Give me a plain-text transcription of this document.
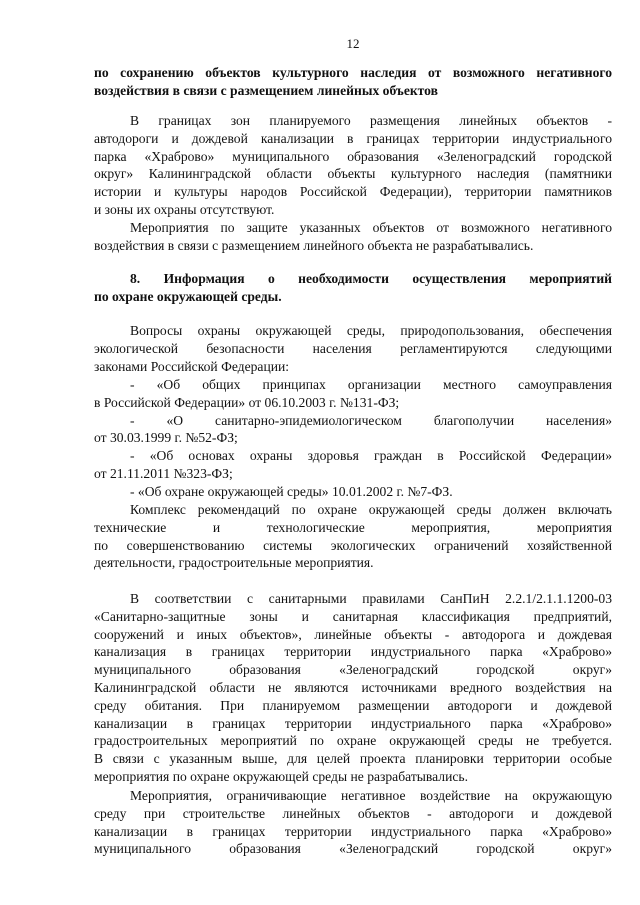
12
по сохранению объектов культурного наследия от возможного негативного
воздействия в связи с размещением линейных объектов
В границах зон планируемого размещения линейных объектов -
автодороги и дождевой канализации в границах территории индустриального
парка «Храброво» муниципального образования «Зеленоградский городской
округ» Калининградской области объекты культурного наследия (памятники
истории и культуры народов Российской Федерации), территории памятников
и зоны их охраны отсутствуют.
Мероприятия по защите указанных объектов от возможного негативного
воздействия в связи с размещением линейного объекта не разрабатывались.
8. Информация о необходимости осуществления мероприятий
по охране окружающей среды.
Вопросы охраны окружающей среды, природопользования, обеспечения
экологической безопасности населения регламентируются следующими
законами Российской Федерации:
- «Об общих принципах организации местного самоуправления
в Российской Федерации» от 06.10.2003 г. №131-ФЗ;
- «О санитарно-эпидемиологическом благополучии населения»
от 30.03.1999 г. №52-ФЗ;
- «Об основах охраны здоровья граждан в Российской Федерации»
от 21.11.2011 №323-ФЗ;
- «Об охране окружающей среды» 10.01.2002 г. №7-ФЗ.
Комплекс рекомендаций по охране окружающей среды должен включать
технические и технологические мероприятия, мероприятия
по совершенствованию системы экологических ограничений хозяйственной
деятельности, градостроительные мероприятия.
В соответствии с санитарными правилами СанПиН 2.2.1/2.1.1.1200-03
«Санитарно-защитные зоны и санитарная классификация предприятий,
сооружений и иных объектов», линейные объекты - автодорога и дождевая
канализация в границах территории индустриального парка «Храброво»
муниципального образования «Зеленоградский городской округ»
Калининградской области не являются источниками вредного воздействия на
среду обитания. При планируемом размещении автодороги и дождевой
канализации в границах территории индустриального парка «Храброво»
градостроительных мероприятий по охране окружающей среды не требуется.
В связи с указанным выше, для целей проекта планировки территории особые
мероприятия по охране окружающей среды не разрабатывались.
Мероприятия, ограничивающие негативное воздействие на окружающую
среду при строительстве линейных объектов - автодороги и дождевой
канализации в границах территории индустриального парка «Храброво»
муниципального образования «Зеленоградский городской округ»
